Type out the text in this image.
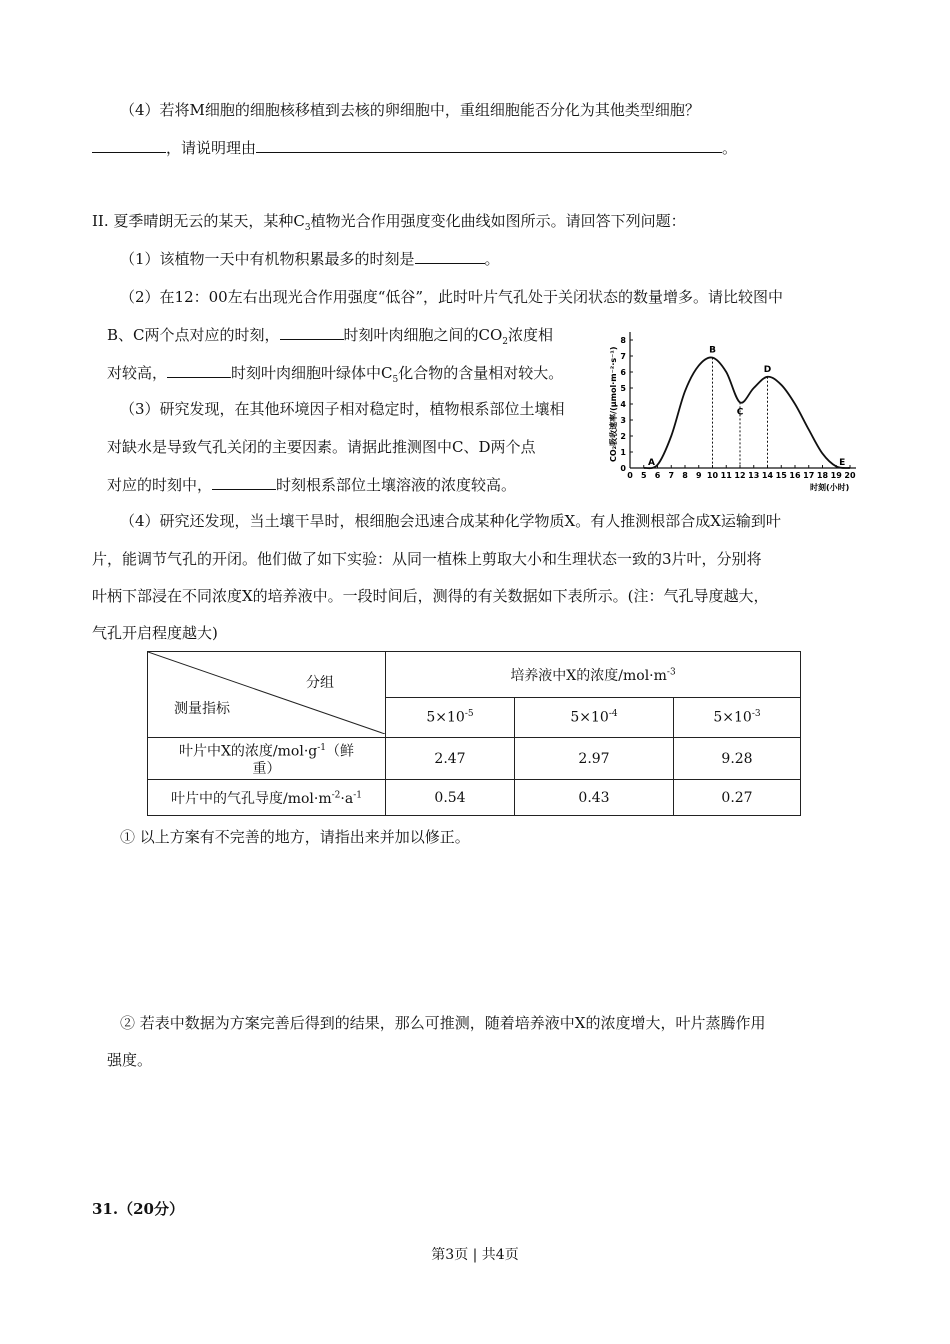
（4）若将M细胞的细胞核移植到去核的卵细胞中，重组细胞能否分化为其他类型细胞？
，请说明理由	。
II. 夏季晴朗无云的某天，某种$C_3$植物光合作用强度变化曲线如图所示。请回答下列问题：
（1）该植物一天中有机物积累最多的时刻是	。
（2）在12：00左右出现光合作用强度“低谷”，此时叶片气孔处于关闭状态的数量增多。请比较图中
B、C两个点对应的时刻，	时刻叶肉细胞之间的$CO_2$浓度相
对较高，	时刻叶肉细胞叶绿体中$C_5$化合物的含量相对较大。
（3）研究发现，在其他环境因子相对稳定时，植物根系部位土壤相
对缺水是导致气孔关闭的主要因素。请据此推测图中C、D两个点
对应的时刻中，	时刻根系部位土壤溶液的浓度较高。
0
1
2
3
4
5
6
7
8
0 5 6 7 8 9 10 11 12 13 14 15 16 17 18 19 20
时刻(小时)
CO₂吸收速率/(μmol·m⁻²·s⁻¹)
A
B
C
D
E
（4）研究还发现，当土壤干旱时，根细胞会迅速合成某种化学物质X。有人推测根部合成X运输到叶
片，能调节气孔的开闭。他们做了如下实验：从同一植株上剪取大小和生理状态一致的3片叶，分别将
叶柄下部浸在不同浓度X的培养液中。一段时间后，测得的有关数据如下表所示。(注：气孔导度越大，
气孔开启程度越大)
分组
测量指标	培养液中X的浓度$/mol\cdot m^{-3}$
	$5\times 10^{-5}$	$5\times 10^{-4}$	$5\times 10^{-3}$
叶片中X的浓度$/mol\cdot g^{-1}$（鲜
重）	2.47	2.97	9.28
叶片中的气孔导度$/mol\cdot m^{-2}\cdot a^{-1}$	0.54	0.43	0.27
① 以上方案有不完善的地方，请指出来并加以修正。
② 若表中数据为方案完善后得到的结果，那么可推测，随着培养液中X的浓度增大，叶片蒸腾作用
强度。
31.（20分）
第3页 | 共4页
